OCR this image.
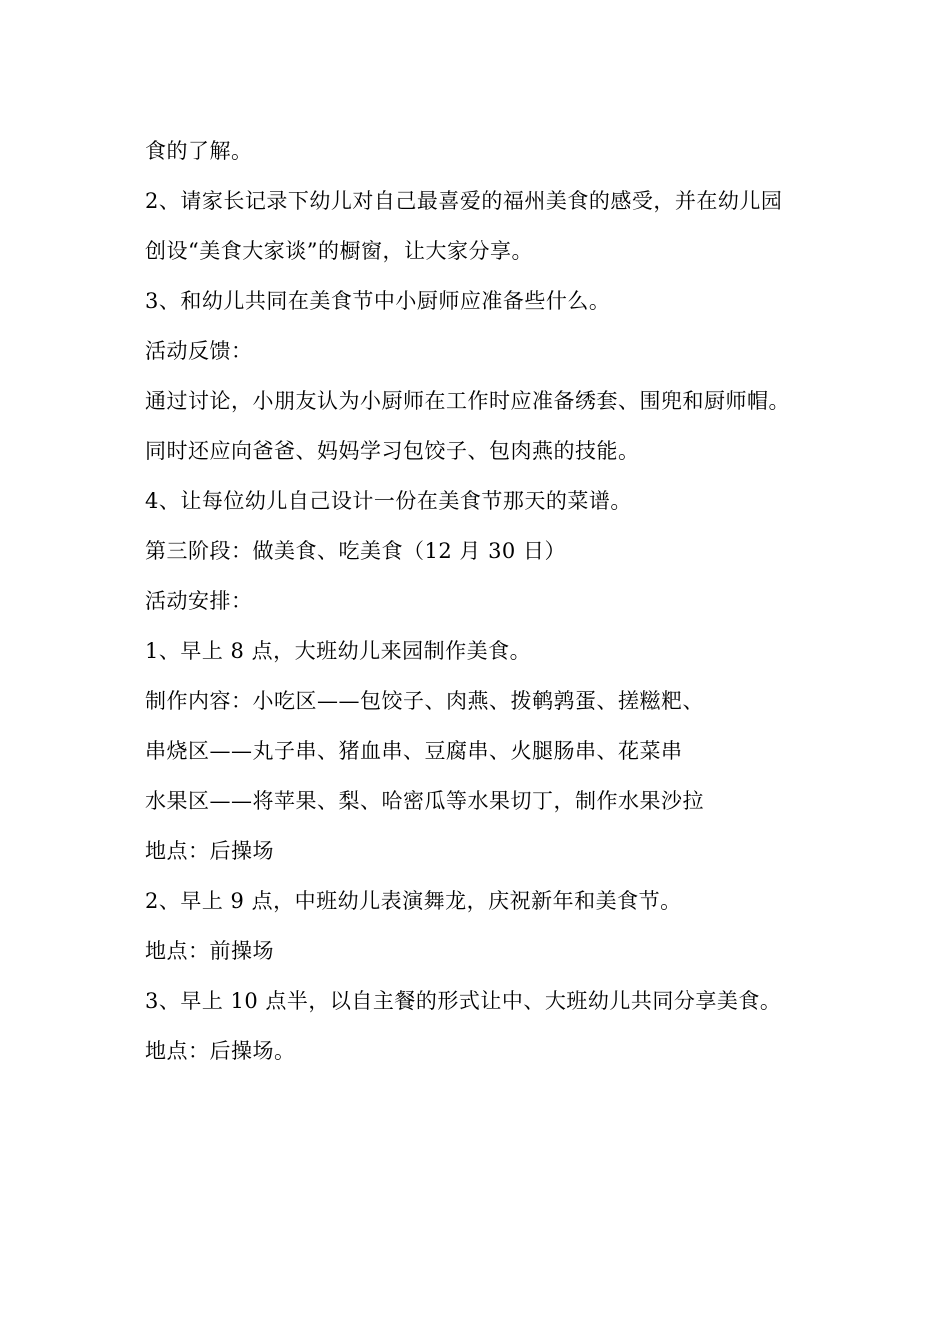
食的了解。
2、请家长记录下幼儿对自己最喜爱的福州美食的感受，并在幼儿园
创设“美食大家谈”的橱窗，让大家分享。
3、和幼儿共同在美食节中小厨师应准备些什么。
活动反馈：
通过讨论，小朋友认为小厨师在工作时应准备绣套、围兜和厨师帽。
同时还应向爸爸、妈妈学习包饺子、包肉燕的技能。
4、让每位幼儿自己设计一份在美食节那天的菜谱。
第三阶段：做美食、吃美食（12 月 30 日）
活动安排：
1、早上 8 点，大班幼儿来园制作美食。
制作内容：小吃区——包饺子、肉燕、拨鹌鹑蛋、搓糍粑、
串烧区——丸子串、猪血串、豆腐串、火腿肠串、花菜串
水果区——将苹果、梨、哈密瓜等水果切丁，制作水果沙拉
地点：后操场
2、早上 9 点，中班幼儿表演舞龙，庆祝新年和美食节。
地点：前操场
3、早上 10 点半，以自主餐的形式让中、大班幼儿共同分享美食。
地点：后操场。
